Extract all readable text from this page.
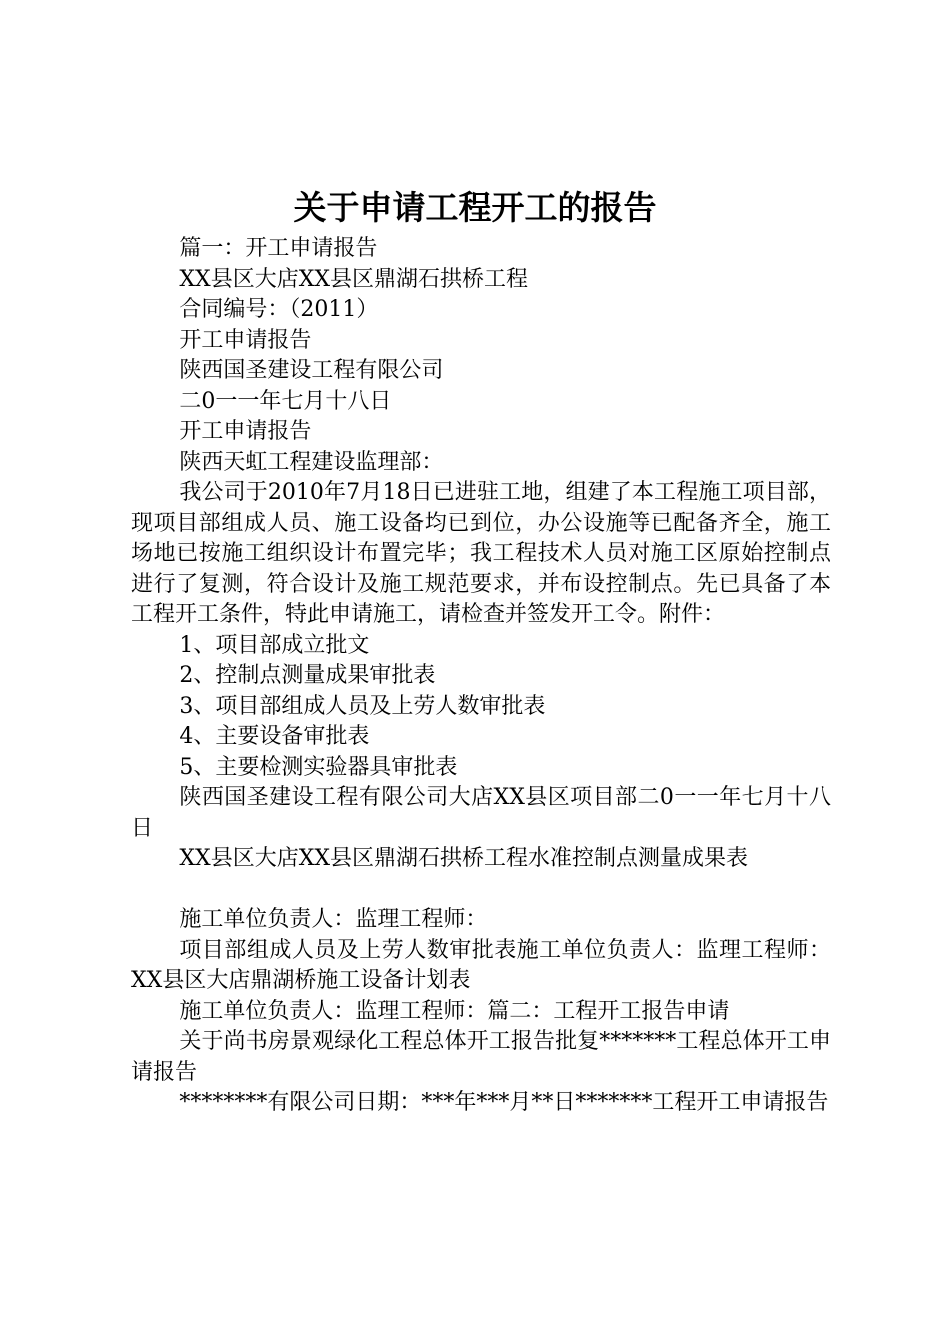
关于申请工程开工的报告

篇一：开工申请报告

XX县区大店XX县区鼎湖石拱桥工程

合同编号：（2011）

开工申请报告

陕西国圣建设工程有限公司

二0一一年七月十八日

开工申请报告

陕西天虹工程建设监理部：

我公司于2010年7月18日已进驻工地，组建了本工程施工项目部，现项目部组成人员、施工设备均已到位，办公设施等已配备齐全，施工场地已按施工组织设计布置完毕；我工程技术人员对施工区原始控制点进行了复测，符合设计及施工规范要求，并布设控制点。先已具备了本工程开工条件，特此申请施工，请检查并签发开工令。附件：

1、项目部成立批文

2、控制点测量成果审批表

3、项目部组成人员及上劳人数审批表

4、主要设备审批表

5、主要检测实验器具审批表

陕西国圣建设工程有限公司大店XX县区项目部二0一一年七月十八日

XX县区大店XX县区鼎湖石拱桥工程水准控制点测量成果表

施工单位负责人：监理工程师：

项目部组成人员及上劳人数审批表施工单位负责人：监理工程师：XX县区大店鼎湖桥施工设备计划表

施工单位负责人：监理工程师：篇二：工程开工报告申请

关于尚书房景观绿化工程总体开工报告批复*******工程总体开工申请报告

********有限公司日期：***年***月**日*******工程开工申请报告
